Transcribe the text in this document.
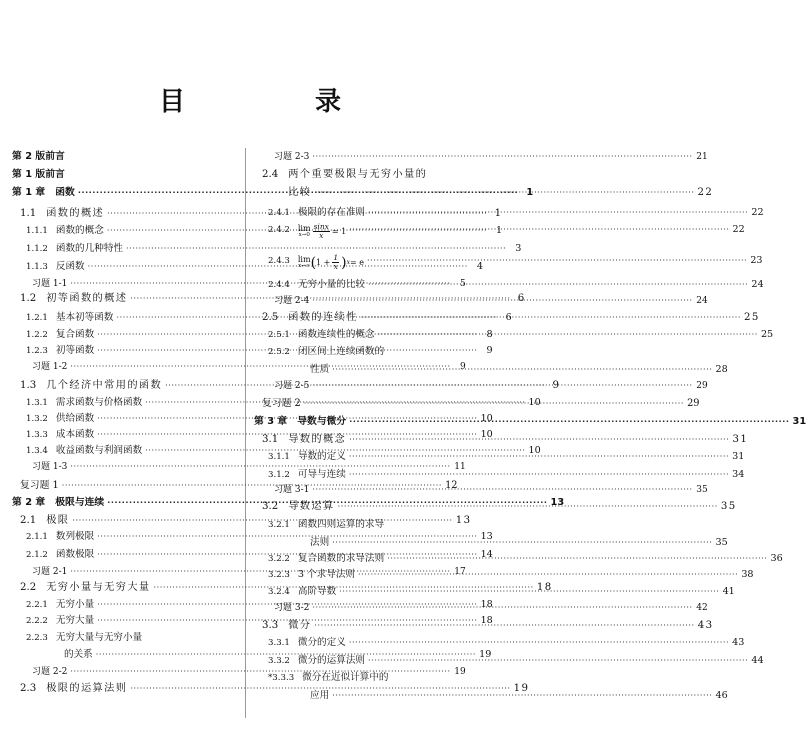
目　录
第 2 版前言
第 1 版前言
第 1 章 函数 ·····	1
1.1 函数的概述 ·····	1
1.1.1 函数的概念 ·····	1
1.1.2 函数的几种特性 ·····	3
1.1.3 反函数 ·····	4
习题 1-1 ·····	5
1.2 初等函数的概述 ·····	6
1.2.1 基本初等函数 ·····	6
1.2.2 复合函数 ·····	8
1.2.3 初等函数 ·····	9
习题 1-2 ·····	9
1.3 几个经济中常用的函数 ·····	9
1.3.1 需求函数与价格函数 ·····	10
1.3.2 供给函数 ·····	10
1.3.3 成本函数 ·····	10
1.3.4 收益函数与利润函数 ·····	10
习题 1-3 ·····	11
复习题 1 ·····	12
第 2 章 极限与连续 ·····	13
2.1 极限 ·····	13
2.1.1 数列极限 ·····	13
2.1.2 函数极限 ·····	14
习题 2-1 ·····	17
2.2 无穷小量与无穷大量 ·····	18
2.2.1 无穷小量 ·····	18
2.2.2 无穷大量 ·····	18
2.2.3 无穷大量与无穷小量
的关系 ·····	19
习题 2-2 ·····	19
2.3 极限的运算法则 ·····	19
习题 2-3 ·····	21
2.4 两个重要极限与无穷小量的
比较 ·····	22
2.4.1 极限的存在准则 ·····	22
2.4.2 lim
$x\to 0 \frac{\sin x}{x} = 1$ ·····	22
2.4.3 lim
x→∞ ( $1 + \frac{1}{x}$ ) x = e ·····	23
2.4.4 无穷小量的比较 ·····	24
习题 2-4 ·····	24
2.5 函数的连续性 ·····	25
2.5.1 函数连续性的概念 ·····	25
2.5.2 闭区间上连续函数的
性质 ·····	28
习题 2-5 ·····	29
复习题 2 ·····	29
第 3 章 导数与微分 ·····	31
3.1 导数的概念 ·····	31
3.1.1 导数的定义 ·····	31
3.1.2 可导与连续 ·····	34
习题 3-1 ·····	35
3.2 导数运算 ·····	35
3.2.1 函数四则运算的求导
法则 ·····	35
3.2.2 复合函数的求导法则 ·····	36
3.2.3 3 个求导法则 ·····	38
3.2.4 高阶导数 ·····	41
习题 3-2 ·····	42
3.3 微分 ·····	43
3.3.1 微分的定义 ·····	43
3.3.2 微分的运算法则 ·····	44
*3.3.3 微分在近似计算中的
应用 ·····	46
